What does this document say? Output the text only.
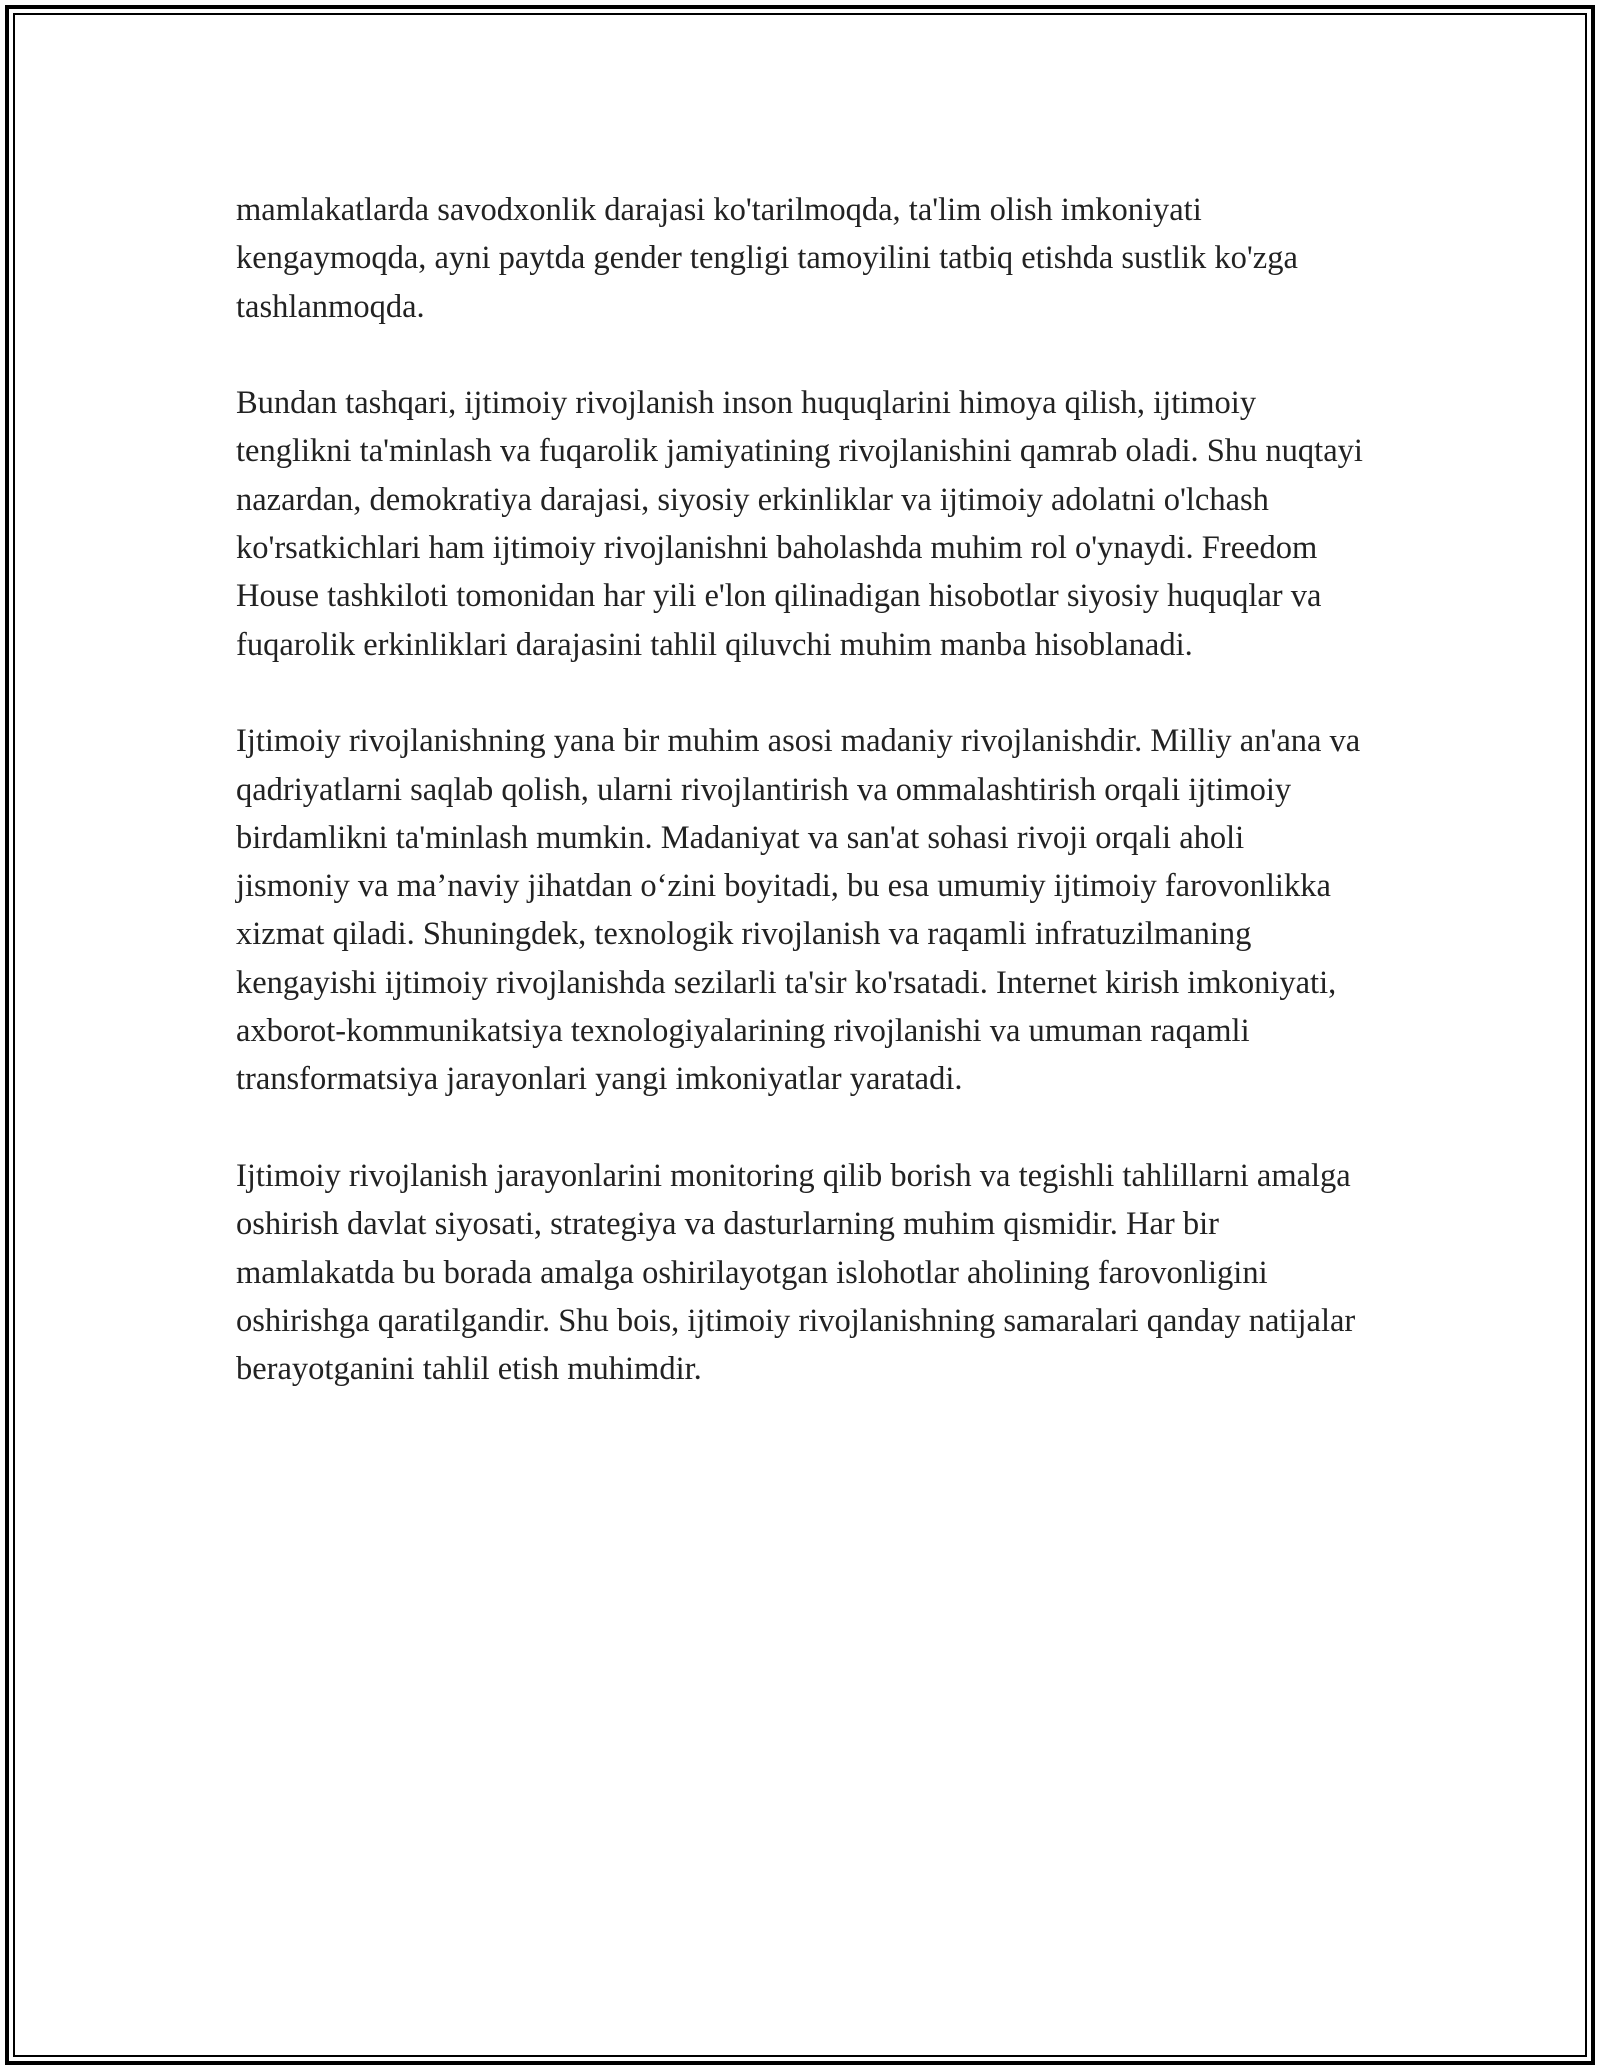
mamlakatlarda savodxonlik darajasi ko'tarilmoqda, ta'lim olish imkoniyati kengaymoqda, ayni paytda gender tengligi tamoyilini tatbiq etishda sustlik ko'zga tashlanmoqda.

Bundan tashqari, ijtimoiy rivojlanish inson huquqlarini himoya qilish, ijtimoiy tenglikni ta'minlash va fuqarolik jamiyatining rivojlanishini qamrab oladi. Shu nuqtayi nazardan, demokratiya darajasi, siyosiy erkinliklar va ijtimoiy adolatni o'lchash ko'rsatkichlari ham ijtimoiy rivojlanishni baholashda muhim rol o'ynaydi. Freedom House tashkiloti tomonidan har yili e'lon qilinadigan hisobotlar siyosiy huquqlar va fuqarolik erkinliklari darajasini tahlil qiluvchi muhim manba hisoblanadi.

Ijtimoiy rivojlanishning yana bir muhim asosi madaniy rivojlanishdir. Milliy an'ana va qadriyatlarni saqlab qolish, ularni rivojlantirish va ommalashtirish orqali ijtimoiy birdamlikni ta'minlash mumkin. Madaniyat va san'at sohasi rivoji orqali aholi jismoniy va ma’naviy jihatdan o‘zini boyitadi, bu esa umumiy ijtimoiy farovonlikka xizmat qiladi. Shuningdek, texnologik rivojlanish va raqamli infratuzilmaning kengayishi ijtimoiy rivojlanishda sezilarli ta'sir ko'rsatadi. Internet kirish imkoniyati, axborot-kommunikatsiya texnologiyalarining rivojlanishi va umuman raqamli transformatsiya jarayonlari yangi imkoniyatlar yaratadi.

Ijtimoiy rivojlanish jarayonlarini monitoring qilib borish va tegishli tahlillarni amalga oshirish davlat siyosati, strategiya va dasturlarning muhim qismidir. Har bir mamlakatda bu borada amalga oshirilayotgan islohotlar aholining farovonligini oshirishga qaratilgandir. Shu bois, ijtimoiy rivojlanishning samaralari qanday natijalar berayotganini tahlil etish muhimdir.
